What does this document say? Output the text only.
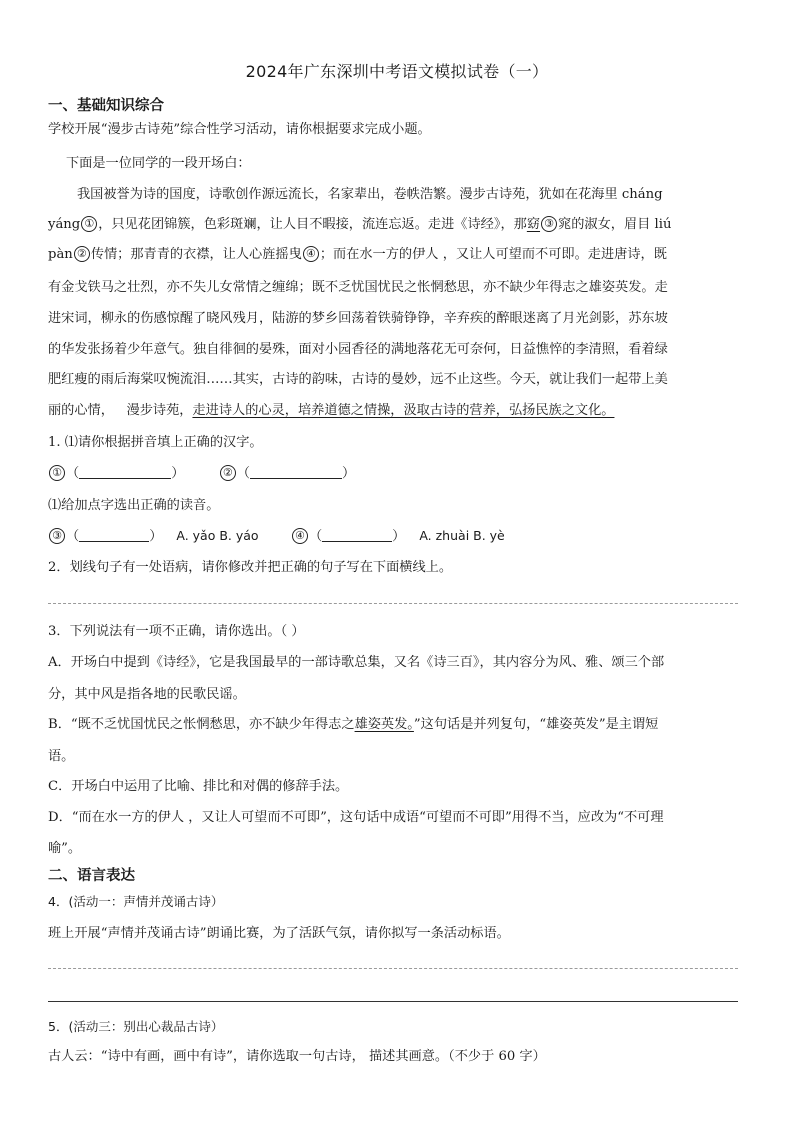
2024年广东深圳中考语文模拟试卷（一）
一、基础知识综合
学校开展“漫步古诗苑”综合性学习活动，请你根据要求完成小题。
下面是一位同学的一段开场白：
我国被誉为诗的国度，诗歌创作源远流长，名家辈出，卷帙浩繁。漫步古诗苑，犹如在花海里 cháng
yáng ① ，只见花团锦簇，色彩斑斓，让人目不暇接，流连忘返。走进《诗经》，那窈 ③ 窕的淑女，眉目 liú
pàn ② 传情；那青青的衣襟，让人心旌摇曳 ④ ；而在水一方的伊人 ，又让人可望而不可即。走进唐诗，既
有金戈铁马之壮烈，亦不失儿女常情之缠绵；既不乏忧国忧民之怅惘愁思，亦不缺少年得志之雄姿英发。走
进宋词，柳永的伤感惊醒了晓风残月，陆游的梦乡回荡着铁骑铮铮，辛弃疾的醉眼迷离了月光剑影，苏东坡
的华发张扬着少年意气。独自徘徊的晏殊，面对小园香径的满地落花无可奈何，日益憔悴的李清照，看着绿
肥红瘦的雨后海棠叹惋流泪……其实，古诗的韵味，古诗的曼妙，远不止这些。今天，就让我们一起带上美
丽的心情，   漫步诗苑，走进诗人的心灵，培养道德之情操，汲取古诗的营养，弘扬民族之文化。
1. ⑴请你根据拼音填上正确的汉字。
① （	）	② （	）
⑴给加点字选出正确的读音。
③ （	） A. yǎo B. yáo	④ （	） A. zhuài B. yè
2．划线句子有一处语病，请你修改并把正确的句子写在下面横线上。
3．下列说法有一项不正确，请你选出。（ ）
A．开场白中提到《诗经》，它是我国最早的一部诗歌总集，又名《诗三百》，其内容分为风、雅、颂三个部
分，其中风是指各地的民歌民谣。
B．“既不乏忧国忧民之怅惘愁思，亦不缺少年得志之雄姿英发。”这句话是并列复句，“雄姿英发”是主谓短
语。
C．开场白中运用了比喻、排比和对偶的修辞手法。
D．“而在水一方的伊人 ，又让人可望而不可即”，这句话中成语“可望而不可即”用得不当，应改为“不可理
喻”。
二、语言表达
4．(活动一：声情并茂诵古诗）
班上开展“声情并茂诵古诗”朗诵比赛，为了活跃气氛，请你拟写一条活动标语。
5．(活动三：别出心裁品古诗）
古人云：“诗中有画，画中有诗”，请你选取一句古诗， 描述其画意。（不少于 60 字）
